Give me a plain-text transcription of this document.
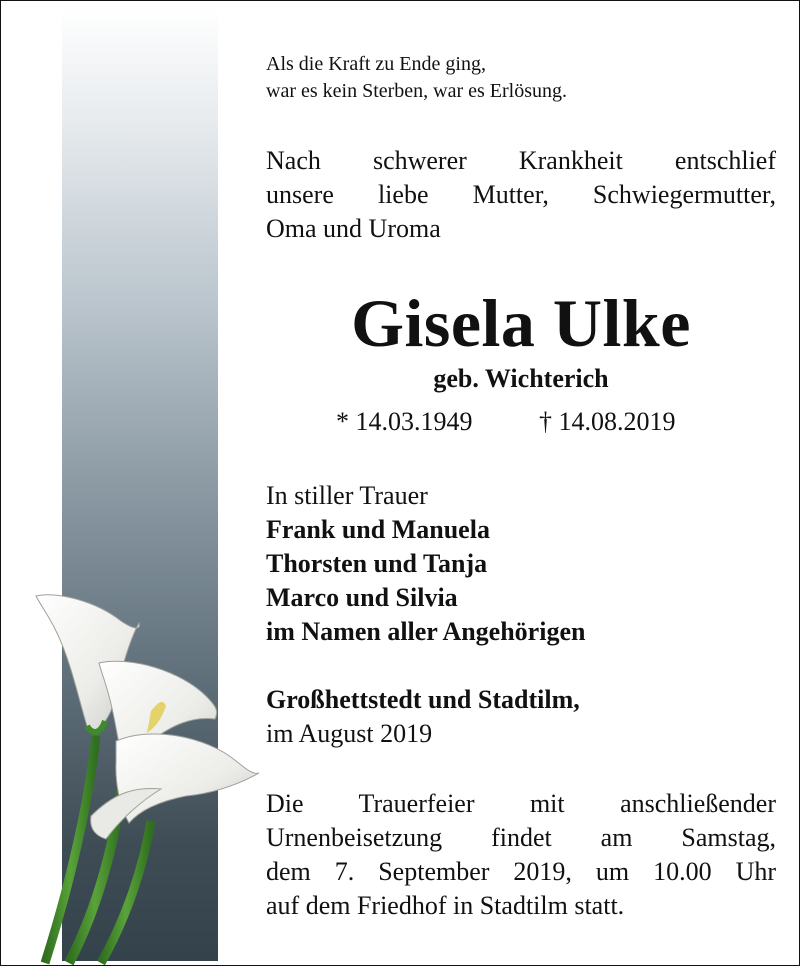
Als die Kraft zu Ende ging,
war es kein Sterben, war es Erlösung.
Nach schwerer Krankheit entschlief
unsere liebe Mutter, Schwiegermutter,
Oma und Uroma
Gisela Ulke
geb. Wichterich
* 14.03.1949	† 14.08.2019
In stiller Trauer
Frank und Manuela
Thorsten und Tanja
Marco und Silvia
im Namen aller Angehörigen
Großhettstedt und Stadtilm,
im August 2019
Die Trauerfeier mit anschließender
Urnenbeisetzung findet am Samstag,
dem 7. September 2019, um 10.00 Uhr
auf dem Friedhof in Stadtilm statt.
